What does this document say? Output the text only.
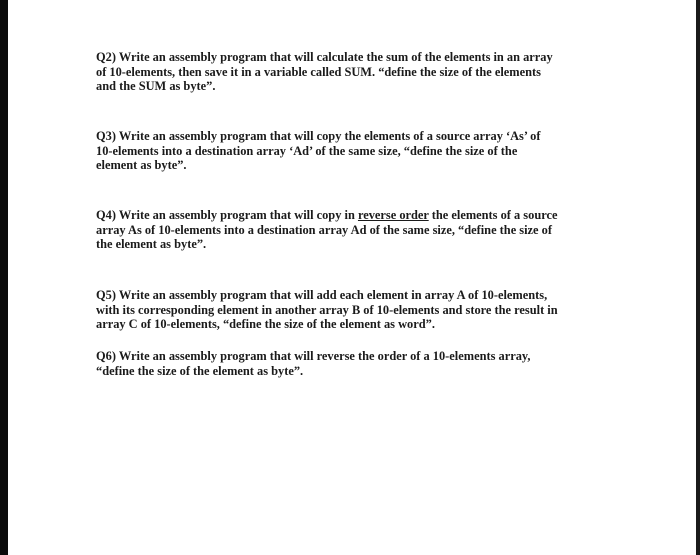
Q2) Write an assembly program that will calculate the sum of the elements in an array
of 10-elements, then save it in a variable called SUM. “define the size of the elements
and the SUM as byte”.

Q3) Write an assembly program that will copy the elements of a source array ‘As’ of
10-elements into a destination array ‘Ad’ of the same size, “define the size of the
element as byte”.

Q4) Write an assembly program that will copy in reverse order the elements of a source
array As of 10-elements into a destination array Ad of the same size, “define the size of
the element as byte”.

Q5) Write an assembly program that will add each element in array A of 10-elements,
with its corresponding element in another array B of 10-elements and store the result in
array C of 10-elements, “define the size of the element as word”.

Q6) Write an assembly program that will reverse the order of a 10-elements array,
“define the size of the element as byte”.
